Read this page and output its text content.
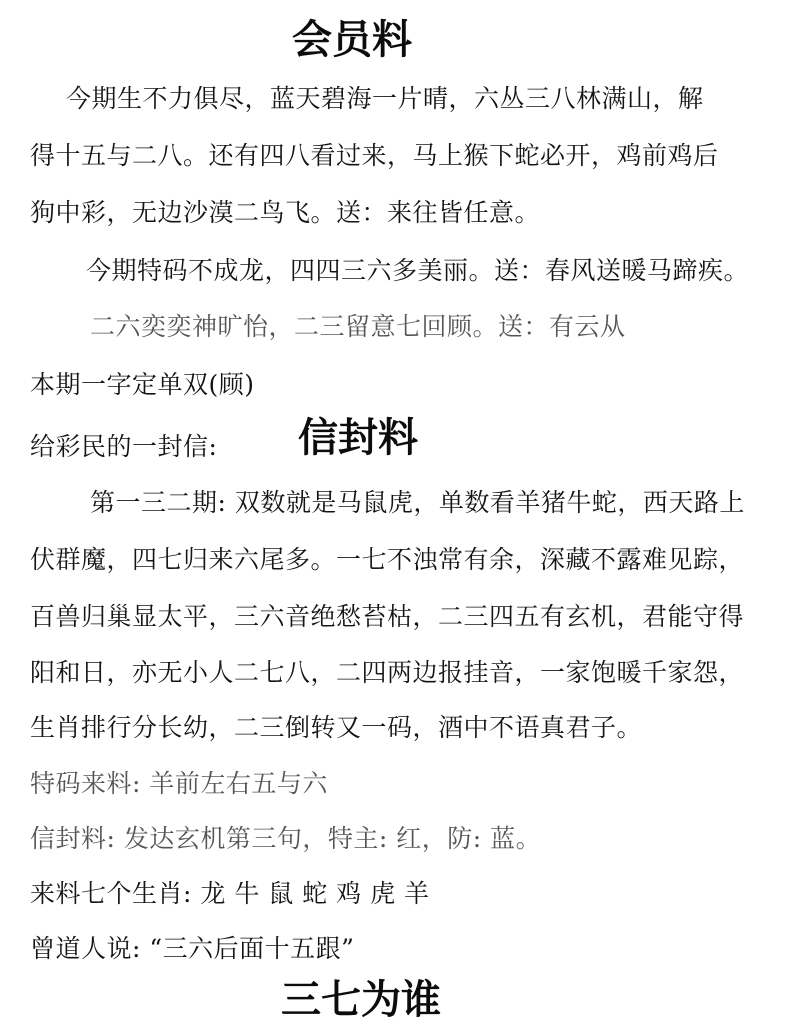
会员料
今期生不力俱尽，蓝天碧海一片晴，六丛三八林满山，解
得十五与二八。还有四八看过来，马上猴下蛇必开，鸡前鸡后
狗中彩，无边沙漠二鸟飞。送：来往皆任意。
今期特码不成龙，四四三六多美丽。送：春风送暖马蹄疾。
二六奕奕神旷怡，二三留意七回顾。送：有云从
本期一字定单双(顾)
给彩民的一封信: 信封料
第一三二期: 双数就是马鼠虎，单数看羊猪牛蛇，西天路上
伏群魔，四七归来六尾多。一七不浊常有余，深藏不露难见踪，
百兽归巢显太平，三六音绝愁苔枯，二三四五有玄机，君能守得
阳和日，亦无小人二七八，二四两边报挂音，一家饱暖千家怨，
生肖排行分长幼，二三倒转又一码，酒中不语真君子。
特码来料: 羊前左右五与六
信封料: 发达玄机第三句，特主: 红，防: 蓝。
来料七个生肖: 龙 牛 鼠 蛇 鸡 虎 羊
曾道人说: “三六后面十五跟”
三七为谁
